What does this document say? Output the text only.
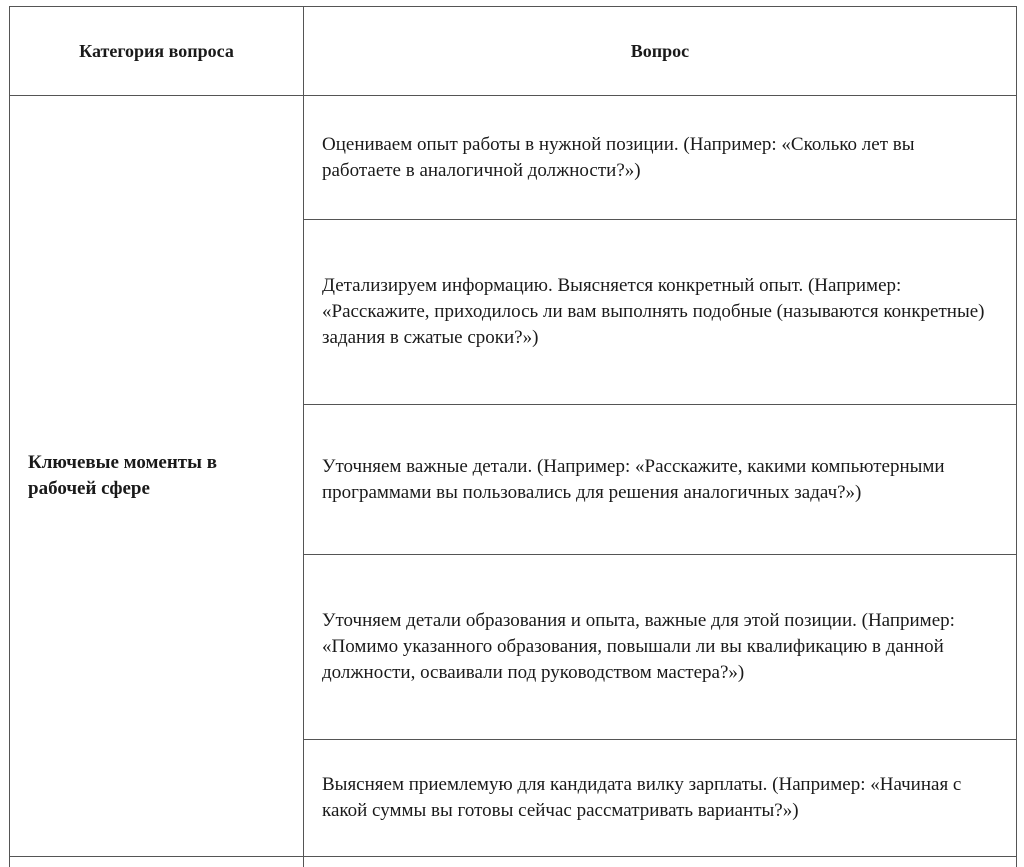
Категория вопроса	Вопрос
Ключевые моменты в рабочей сфере	Оцениваем опыт работы в нужной позиции. (Например: «Сколько лет вы работаете в аналогичной должности?»)
	Детализируем информацию. Выясняется конкретный опыт. (Например: «Расскажите, приходилось ли вам выполнять подобные (называются конкретные) задания в сжатые сроки?»)
	Уточняем важные детали. (Например: «Расскажите, какими компьютерными программами вы пользовались для решения аналогичных задач?»)
	Уточняем детали образования и опыта, важные для этой позиции. (Например: «Помимо указанного образования, повышали ли вы квалификацию в данной должности, осваивали под руководством мастера?»)
	Выясняем приемлемую для кандидата вилку зарплаты. (Например: «Начиная с какой суммы вы готовы сейчас рассматривать варианты?»)
